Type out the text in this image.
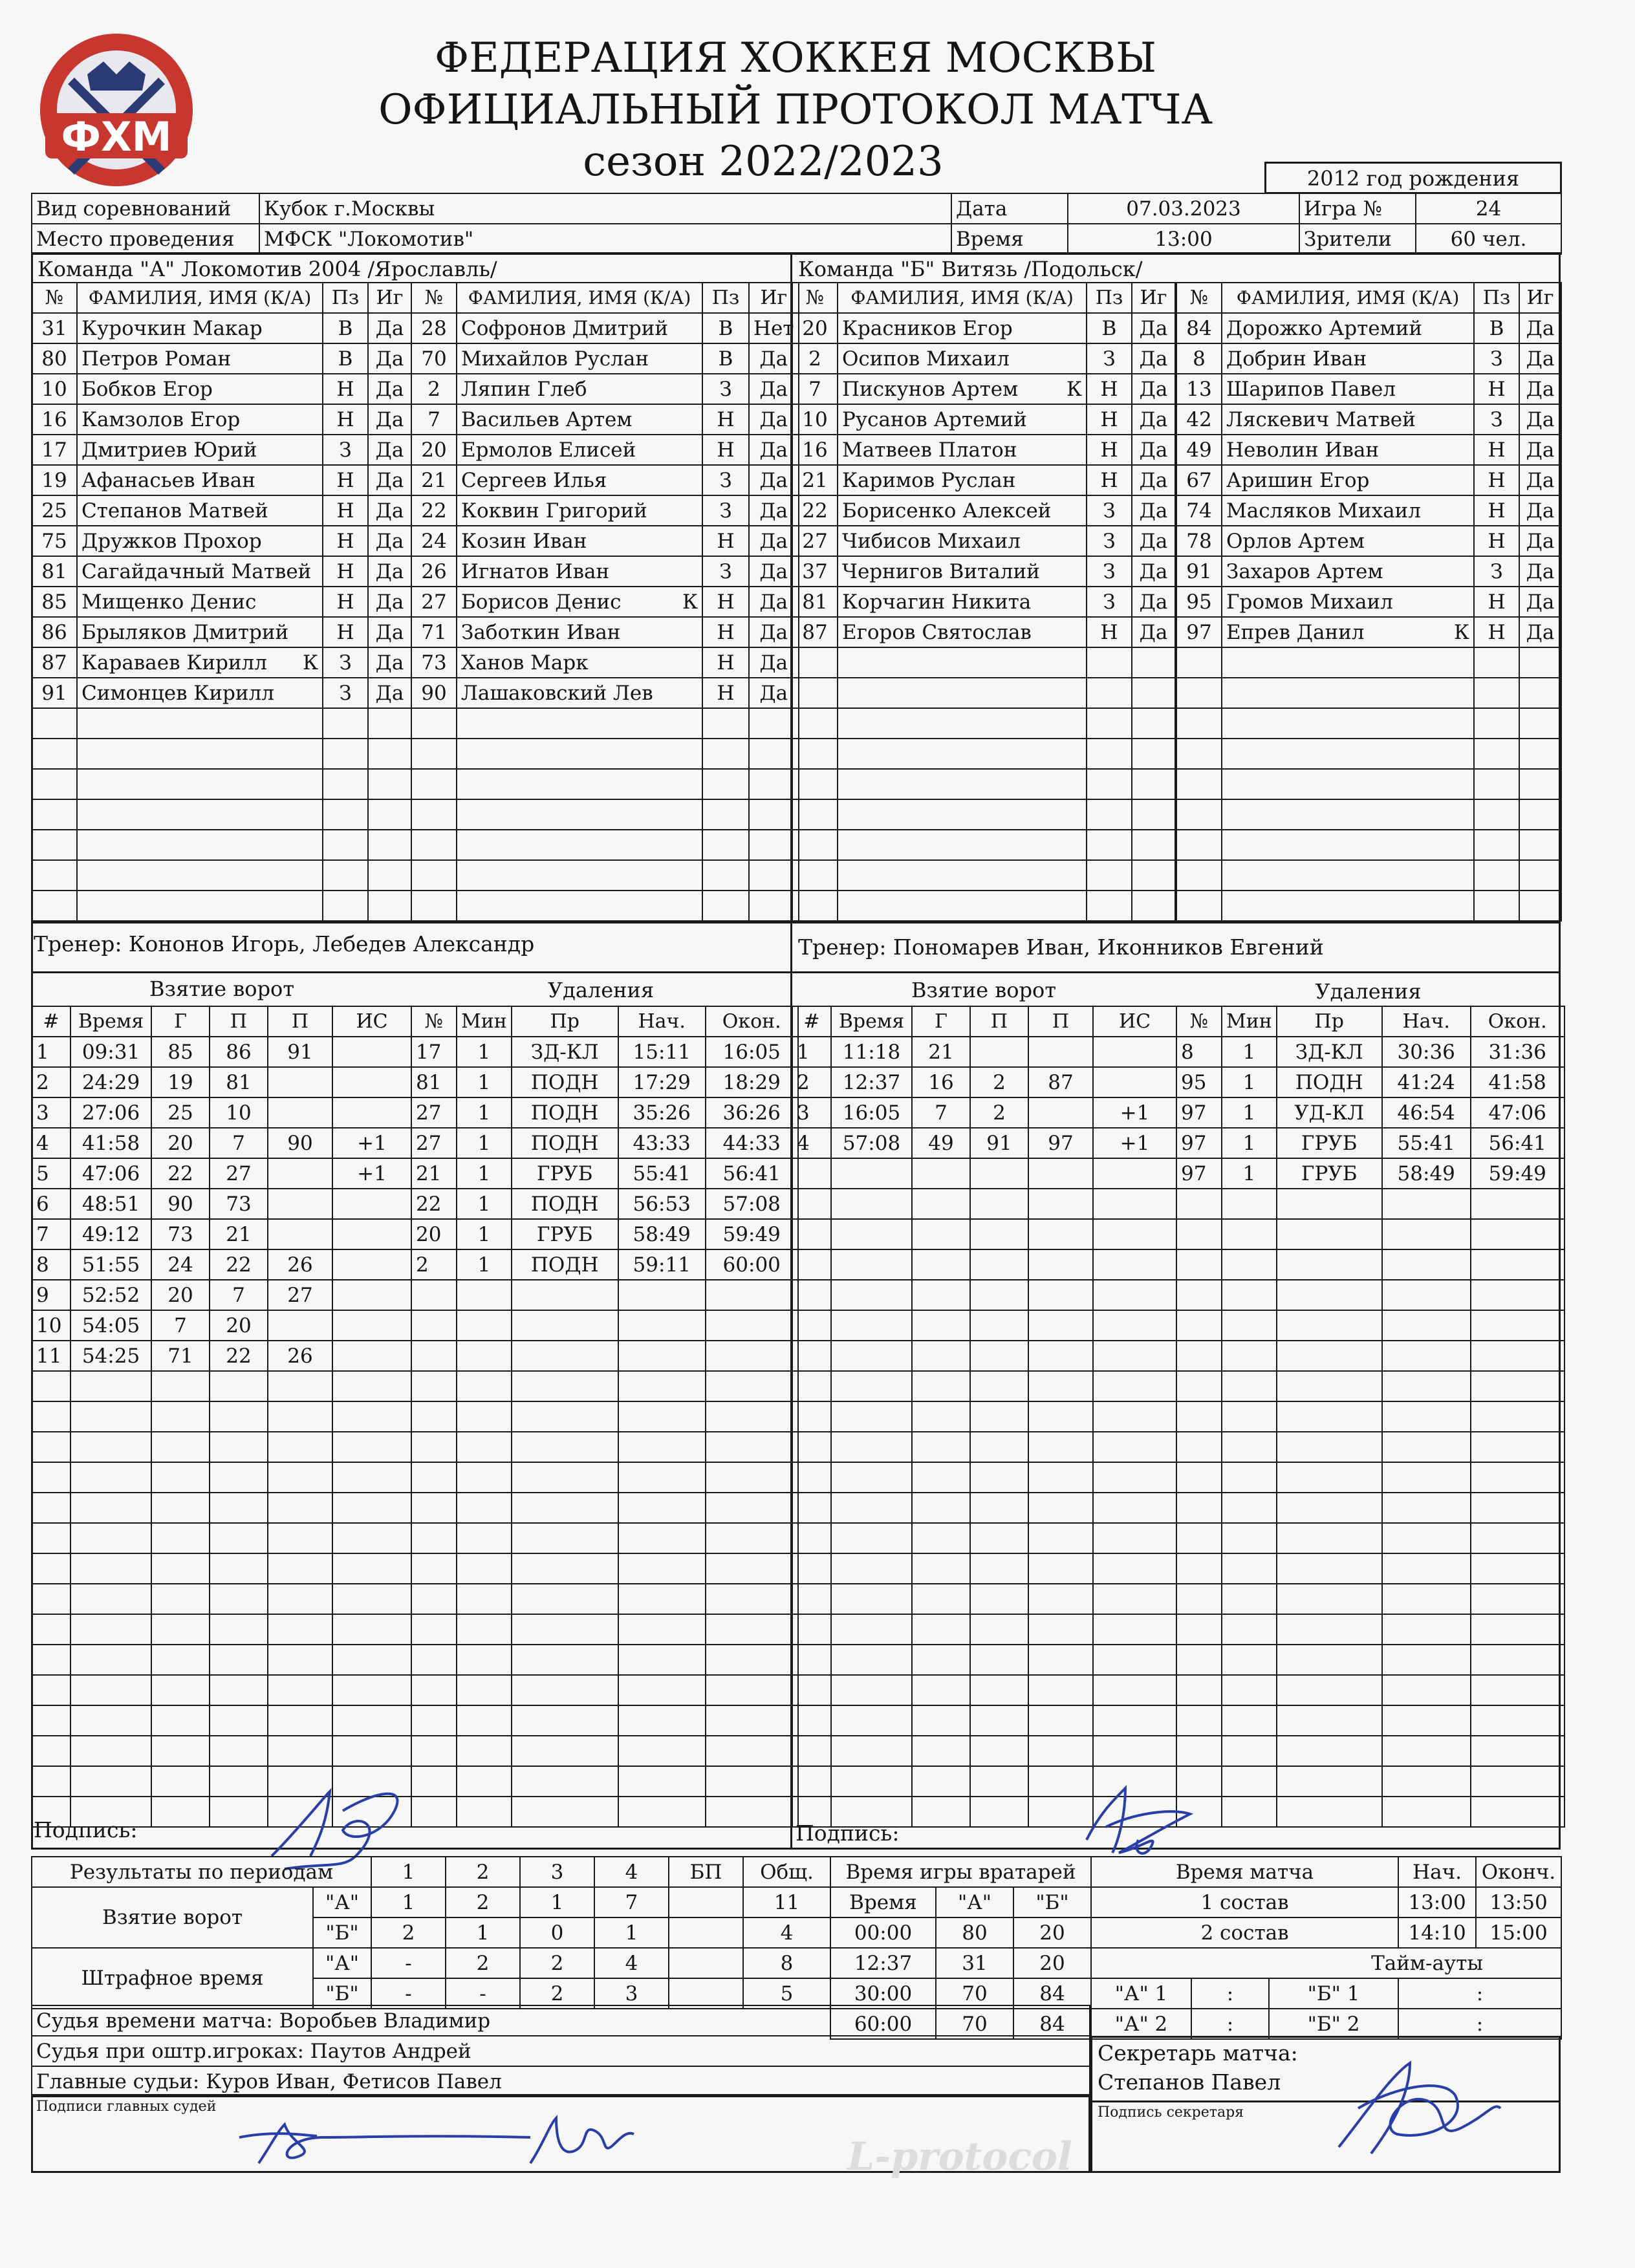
ФХМ
ФЕДЕРАЦИЯ ХОККЕЯ МОСКВЫ
ОФИЦИАЛЬНЫЙ ПРОТОКОЛ МАТЧА
сезон 2022/2023	2012 год рождения
Вид соревнований	Кубок г.Москвы	Дата	07.03.2023	Игра №	24
Место проведения	МФСК "Локомотив"	Время	13:00	Зрители	60 чел.
Команда "А" Локомотив 2004 /Ярославль/	Команда "Б" Витязь /Подольск/
№	ФАМИЛИЯ, ИМЯ (К/А)	Пз	Иг
31	Курочкин Макар	В	Да
80	Петров Роман	В	Да
10	Бобков Егор	Н	Да
16	Камзолов Егор	Н	Да
17	Дмитриев Юрий	З	Да
19	Афанасьев Иван	Н	Да
25	Степанов Матвей	Н	Да
75	Дружков Прохор	Н	Да
81	Сагайдачный Матвей	Н	Да
85	Мищенко Денис	Н	Да
86	Брыляков Дмитрий	Н	Да
87	Караваев Кирилл К	З	Да
91	Симонцев Кирилл	З	Да

№	ФАМИЛИЯ, ИМЯ (К/А)	Пз	Иг
28	Софронов Дмитрий	В	Нет
70	Михайлов Руслан	В	Да
2	Ляпин Глеб	З	Да
7	Васильев Артем	Н	Да
20	Ермолов Елисей	Н	Да
21	Сергеев Илья	З	Да
22	Коквин Григорий	З	Да
24	Козин Иван	Н	Да
26	Игнатов Иван	З	Да
27	Борисов Денис К	Н	Да
71	Заботкин Иван	Н	Да
73	Ханов Марк	Н	Да
90	Лашаковский Лев	Н	Да

№	ФАМИЛИЯ, ИМЯ (К/А)	Пз	Иг
20	Красников Егор	В	Да
2	Осипов Михаил	З	Да
7	Пискунов Артем К	Н	Да
10	Русанов Артемий	Н	Да
16	Матвеев Платон	Н	Да
21	Каримов Руслан	Н	Да
22	Борисенко Алексей	З	Да
27	Чибисов Михаил	З	Да
37	Чернигов Виталий	З	Да
81	Корчагин Никита	З	Да
87	Егоров Святослав	Н	Да

№	ФАМИЛИЯ, ИМЯ (К/А)	Пз	Иг
84	Дорожко Артемий	В	Да
8	Добрин Иван	З	Да
13	Шарипов Павел	Н	Да
42	Ляскевич Матвей	З	Да
49	Неволин Иван	Н	Да
67	Аришин Егор	Н	Да
74	Масляков Михаил	Н	Да
78	Орлов Артем	Н	Да
91	Захаров Артем	З	Да
95	Громов Михаил	Н	Да
97	Епрев Данил К	Н	Да

Тренер: Кононов Игорь, Лебедев Александр	Тренер: Пономарев Иван, Иконников Евгений
Взятие ворот	Удаления	Взятие ворот	Удаления
#	Время	Г	П	П	ИС
1	09:31	85	86	91	
2	24:29	19	81		
3	27:06	25	10		
4	41:58	20	7	90	+1
5	47:06	22	27		+1
6	48:51	90	73		
7	49:12	73	21		
8	51:55	24	22	26	
9	52:52	20	7	27	
10	54:05	7	20		
11	54:25	71	22	26	

№	Мин	Пр	Нач.	Окон.
17	1	ЗД-КЛ	15:11	16:05
81	1	ПОДН	17:29	18:29
27	1	ПОДН	35:26	36:26
27	1	ПОДН	43:33	44:33
21	1	ГРУБ	55:41	56:41
22	1	ПОДН	56:53	57:08
20	1	ГРУБ	58:49	59:49
2	1	ПОДН	59:11	60:00

#	Время	Г	П	П	ИС
1	11:18	21			
2	12:37	16	2	87	
3	16:05	7	2		+1
4	57:08	49	91	97	+1

№	Мин	Пр	Нач.	Окон.
8	1	ЗД-КЛ	30:36	31:36
95	1	ПОДН	41:24	41:58
97	1	УД-КЛ	46:54	47:06
97	1	ГРУБ	55:41	56:41
97	1	ГРУБ	58:49	59:49

Подпись:	Подпись:
Результаты по периодам		1	2	3	4	БП	Общ.
Взятие ворот	"А"	1	2	1	7		11
	"Б"	2	1	0	1		4
Штрафное время	"А"	-	2	2	4		8
	"Б"	-	-	2	3		5
Время игры вратарей		
Время	"А"	"Б"
00:00	80	20
12:37	31	20
30:00	70	84
60:00	70	84
Время матча			Нач.	Оконч.
1 состав			13:00	13:50
2 состав			14:10	15:00
Тайм-ауты				
"А" 1	:	"Б" 1	:	
"А" 2	:	"Б" 2	:	
Судья времени матча: Воробьев Владимир
Судья при оштр.игроках: Паутов Андрей
Главные судьи: Куров Иван, Фетисов Павел
Подписи главных судей
Секретарь матча:
Степанов Павел
Подпись секретаря
L-protocol
